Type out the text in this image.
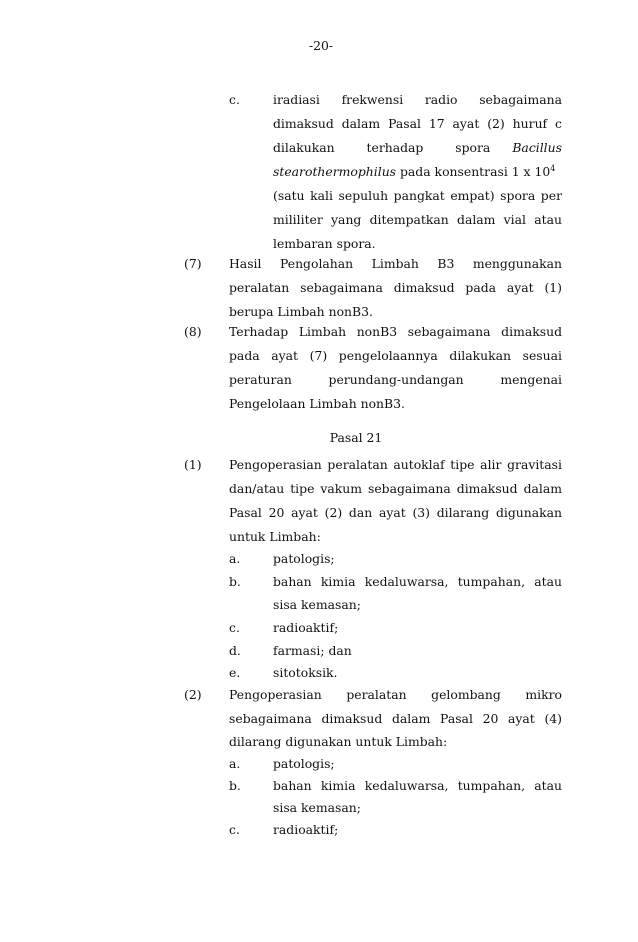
-20-
c.	iradiasi frekwensi radio sebagaimana
dimaksud dalam Pasal 17 ayat (2) huruf c
dilakukan terhadap spora Bacillus
stearothermophilus pada konsentrasi 1 x $10^4$
(satu kali sepuluh pangkat empat) spora per
mililiter yang ditempatkan dalam vial atau
lembaran spora.
(7) Hasil Pengolahan Limbah B3 menggunakan
peralatan sebagaimana dimaksud pada ayat (1)
berupa Limbah nonB3.
(8) Terhadap Limbah nonB3 sebagaimana dimaksud
pada ayat (7) pengelolaannya dilakukan sesuai
peraturan perundang-undangan mengenai
Pengelolaan Limbah nonB3.
Pasal 21
(1) Pengoperasian peralatan autoklaf tipe alir gravitasi
dan/atau tipe vakum sebagaimana dimaksud dalam
Pasal 20 ayat (2) dan ayat (3) dilarang digunakan
untuk Limbah:
a.	patologis;
b.	bahan kimia kedaluwarsa, tumpahan, atau
sisa kemasan;
c.	radioaktif;
d.	farmasi; dan
e.	sitotoksik.
(2) Pengoperasian peralatan gelombang mikro
sebagaimana dimaksud dalam Pasal 20 ayat (4)
dilarang digunakan untuk Limbah:
a.	patologis;
b.	bahan kimia kedaluwarsa, tumpahan, atau
sisa kemasan;
c.	radioaktif;
